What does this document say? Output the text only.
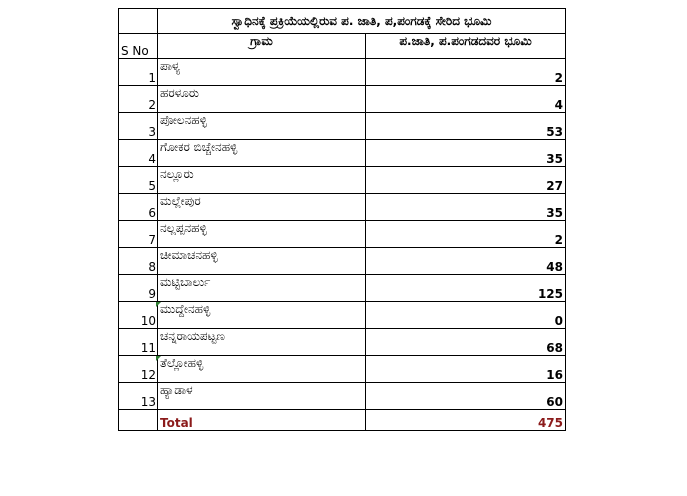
	ಸ್ವಾಧಿನಕ್ಕೆ ಪ್ರಕ್ರಿಯೆಯಲ್ಲಿರುವ ಪ. ಜಾತಿ, ಪ,ಪಂಗಡಕ್ಕೆ ಸೇರಿದ ಭೂಮಿ	
S No	ಗ್ರಾಮ	ಪ.ಜಾತಿ, ಪ.ಪಂಗಡದವರ ಭೂಮಿ
1	ಪಾಳ್ಯ	2
2	ಹರಳೂರು	4
3	ಪೋಲನಹಳ್ಳಿ	53
4	ಗೋಕರ ಬಿಚ್ಚೇನಹಳ್ಳಿ	35
5	ನಲ್ಲೂರು	27
6	ಮಲ್ಲೇಪುರ	35
7	ನಲ್ಲಪ್ಪನಹಳ್ಳಿ	2
8	ಚೀಮಾಚನಹಳ್ಳಿ	48
9	ಮಟ್ಟಿಬಾರ್ಲು	125
10	ಮುದ್ದೇನಹಳ್ಳಿ	0
11	ಚನ್ನರಾಯಪಟ್ಟಣ	68
12	ತೆಲ್ಲೋಹಳ್ಳಿ	16
13	ಹ್ಯಾಡಾಳ	60
	Total	475
